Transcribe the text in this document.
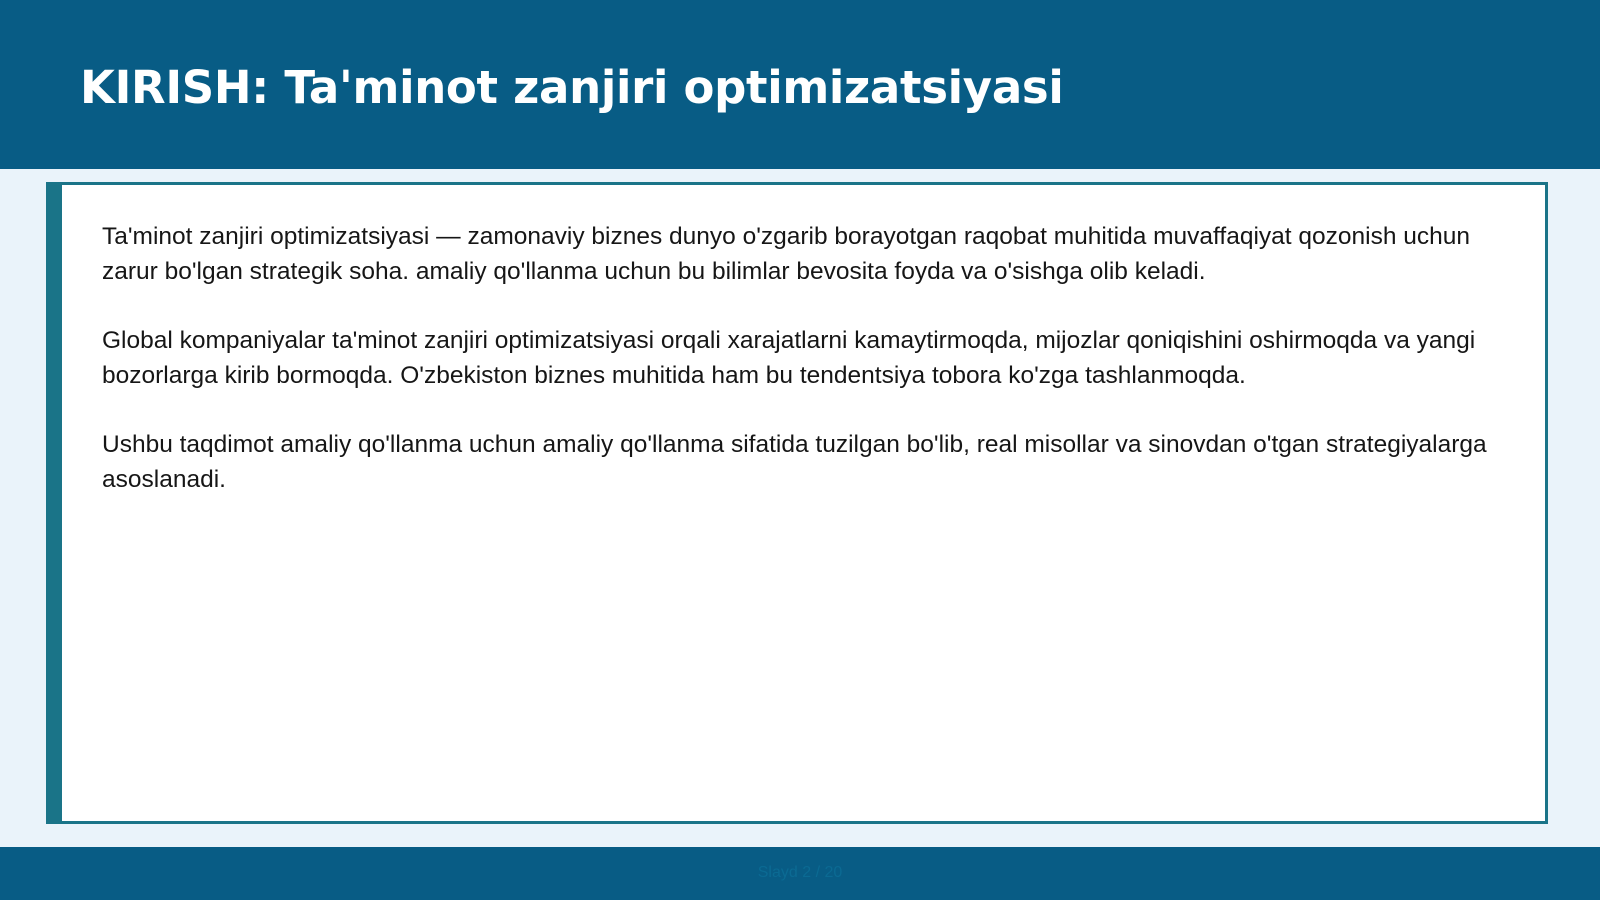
KIRISH: Ta'minot zanjiri optimizatsiyasi

Ta'minot zanjiri optimizatsiyasi — zamonaviy biznes dunyo o'zgarib borayotgan raqobat muhitida muvaffaqiyat qozonish uchun zarur bo'lgan strategik soha. amaliy qo'llanma uchun bu bilimlar bevosita foyda va o'sishga olib keladi.

Global kompaniyalar ta'minot zanjiri optimizatsiyasi orqali xarajatlarni kamaytirmoqda, mijozlar qoniqishini oshirmoqda va yangi bozorlarga kirib bormoqda. O'zbekiston biznes muhitida ham bu tendentsiya tobora ko'zga tashlanmoqda.

Ushbu taqdimot amaliy qo'llanma uchun amaliy qo'llanma sifatida tuzilgan bo'lib, real misollar va sinovdan o'tgan strategiyalarga asoslanadi.

Slayd 2 / 20
